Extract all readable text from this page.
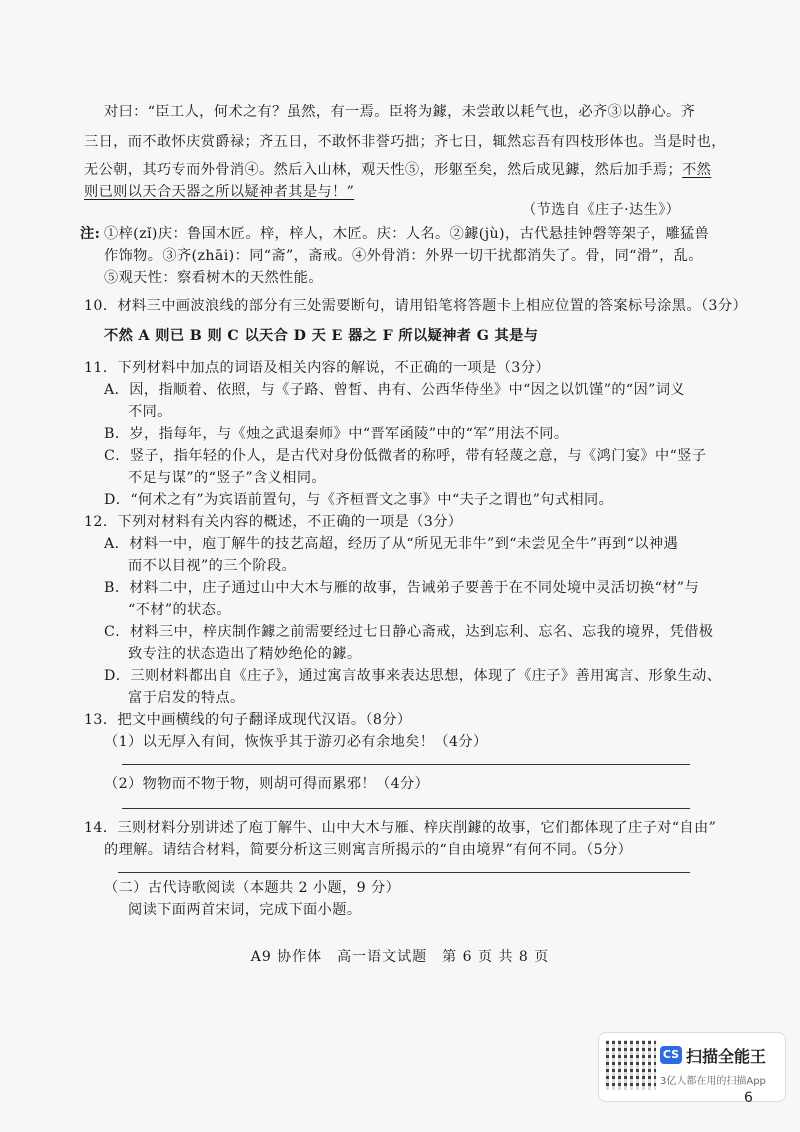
对曰：“臣工人，何术之有？虽然，有一焉。臣将为鐻，未尝敢以耗气也，必齐③以静心。齐
三日，而不敢怀庆赏爵禄；齐五日，不敢怀非誉巧拙；齐七日，辄然忘吾有四枝形体也。当是时也，
无公朝，其巧专而外骨消④。然后入山林，观天性⑤，形躯至矣，然后成见鐻，然后加手焉；不然
则已则以天合天器之所以疑神者其是与！”
（节选自《庄子·达生》）
注: ①梓(zǐ)庆：鲁国木匠。梓，梓人，木匠。庆：人名。②鐻(jù)，古代悬挂钟磬等架子，雕猛兽
作饰物。③齐(zhāi)：同“斋”，斋戒。④外骨消：外界一切干扰都消失了。骨，同“滑”，乱。
⑤观天性：察看树木的天然性能。
10．材料三中画波浪线的部分有三处需要断句，请用铅笔将答题卡上相应位置的答案标号涂黑。（3分）
不然 A 则已 B 则 C 以天合 D 天 E 器之 F 所以疑神者 G 其是与
11．下列材料中加点的词语及相关内容的解说，不正确的一项是（3分）
A．因，指顺着、依照，与《子路、曾皙、冉有、公西华侍坐》中“因之以饥馑”的“因”词义
不同。
B．岁，指每年，与《烛之武退秦师》中“晋军函陵”中的“军”用法不同。
C．竖子，指年轻的仆人，是古代对身份低微者的称呼，带有轻蔑之意，与《鸿门宴》中“竖子
不足与谋”的“竖子”含义相同。
D．“何术之有”为宾语前置句，与《齐桓晋文之事》中“夫子之谓也”句式相同。
12．下列对材料有关内容的概述，不正确的一项是（3分）
A．材料一中，庖丁解牛的技艺高超，经历了从“所见无非牛”到“未尝见全牛”再到“以神遇
而不以目视”的三个阶段。
B．材料二中，庄子通过山中大木与雁的故事，告诫弟子要善于在不同处境中灵活切换“材”与
“不材”的状态。
C．材料三中，梓庆制作鐻之前需要经过七日静心斋戒，达到忘利、忘名、忘我的境界，凭借极
致专注的状态造出了精妙绝伦的鐻。
D．三则材料都出自《庄子》，通过寓言故事来表达思想，体现了《庄子》善用寓言、形象生动、
富于启发的特点。
13．把文中画横线的句子翻译成现代汉语。（8分）
（1）以无厚入有间，恢恢乎其于游刃必有余地矣！（4分）
（2）物物而不物于物，则胡可得而累邪！（4分）
14．三则材料分别讲述了庖丁解牛、山中大木与雁、梓庆削鐻的故事，它们都体现了庄子对“自由”
的理解。请结合材料，简要分析这三则寓言所揭示的“自由境界”有何不同。（5分）
（二）古代诗歌阅读（本题共 2 小题，9 分）
阅读下面两首宋词，完成下面小题。
A9 协作体　高一语文试题　第 6 页 共 8 页
CS 扫描全能王
3亿人都在用的扫描App
6
